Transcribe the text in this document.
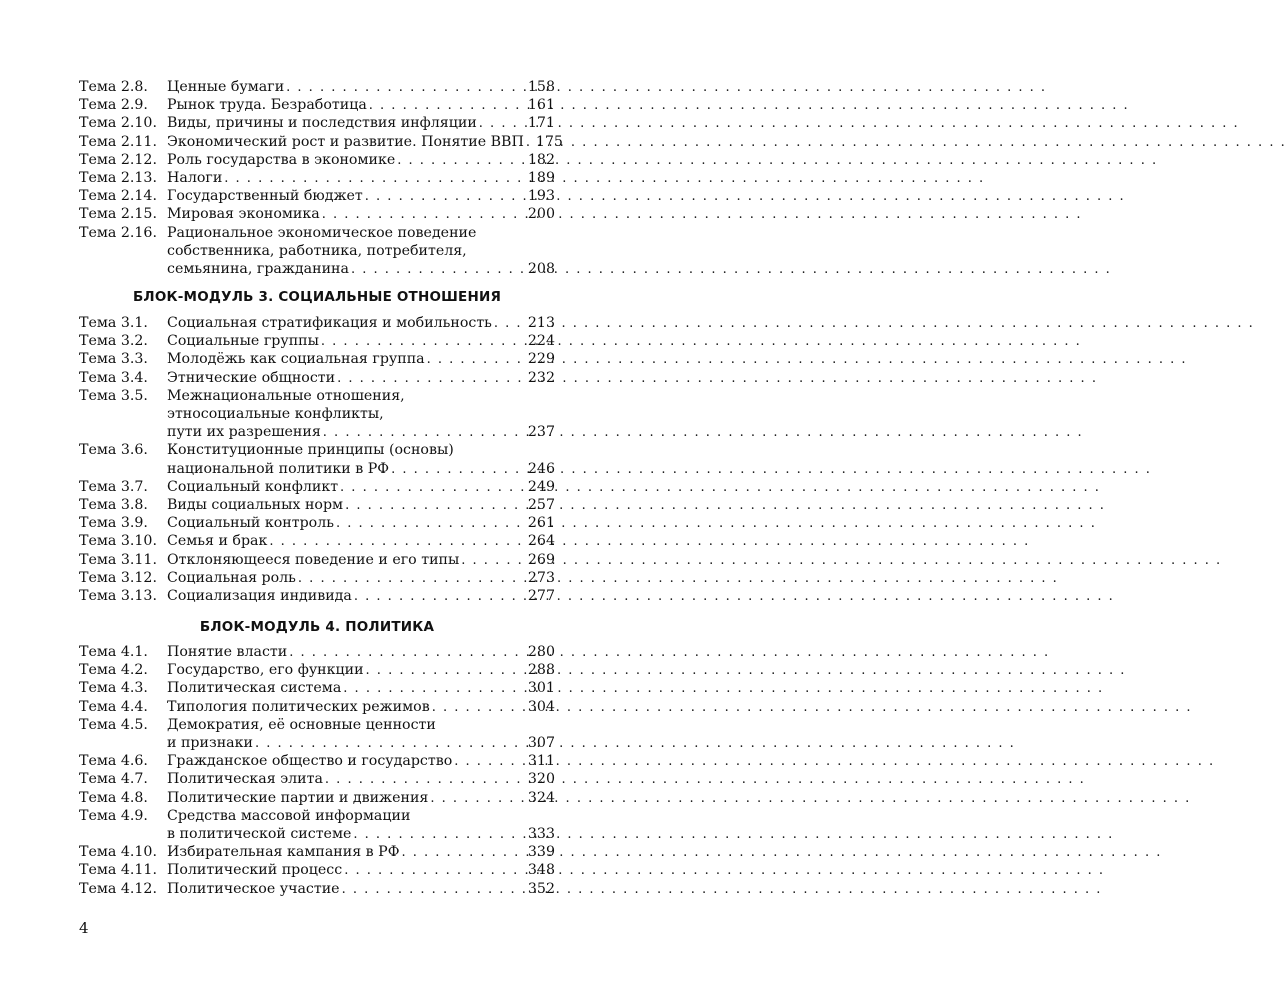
Тема 2.8.	Ценные бумаги . . .	158
Тема 2.9.	Рынок труда. Безработица . . .	161
Тема 2.10. Виды, причины и последствия инфляции . . .	171
Тема 2.11. Экономический рост и развитие. Понятие ВВП . . . 175
Тема 2.12. Роль государства в экономике . . .	182
Тема 2.13. Налоги . . .	189
Тема 2.14. Государственный бюджет . . .	193
Тема 2.15. Мировая экономика . . .	200
Тема 2.16. Рациональное экономическое поведение
собственника, работника, потребителя,
семьянина, гражданина . . .	208
БЛОК-МОДУЛЬ 3. СОЦИАЛЬНЫЕ ОТНОШЕНИЯ
Тема 3.1.	Социальная стратификация и мобильность . . .	213
Тема 3.2.	Социальные группы . . .	224
Тема 3.3.	Молодёжь как социальная группа . . .	229
Тема 3.4.	Этнические общности . . .	232
Тема 3.5.	Межнациональные отношения,
этносоциальные конфликты,
пути их разрешения . . .	237
Тема 3.6.	Конституционные принципы (основы)
национальной политики в РФ . . .	246
Тема 3.7.	Социальный конфликт . . .	249
Тема 3.8.	Виды социальных норм . . .	257
Тема 3.9.	Социальный контроль . . .	261
Тема 3.10. Семья и брак . . .	264
Тема 3.11. Отклоняющееся поведение и его типы . . .	269
Тема 3.12. Социальная роль . . .	273
Тема 3.13. Социализация индивида . . .	277
БЛОК-МОДУЛЬ 4. ПОЛИТИКА
Тема 4.1.	Понятие власти . . .	280
Тема 4.2.	Государство, его функции . . .	288
Тема 4.3.	Политическая система . . .	301
Тема 4.4.	Типология политических режимов . . .	304
Тема 4.5.	Демократия, её основные ценности
и признаки . . .	307
Тема 4.6.	Гражданское общество и государство . . .	311
Тема 4.7.	Политическая элита . . .	320
Тема 4.8.	Политические партии и движения . . .	324
Тема 4.9.	Средства массовой информации
в политической системе . . .	333
Тема 4.10. Избирательная кампания в РФ . . .	339
Тема 4.11. Политический процесс . . .	348
Тема 4.12. Политическое участие . . .	352
4
